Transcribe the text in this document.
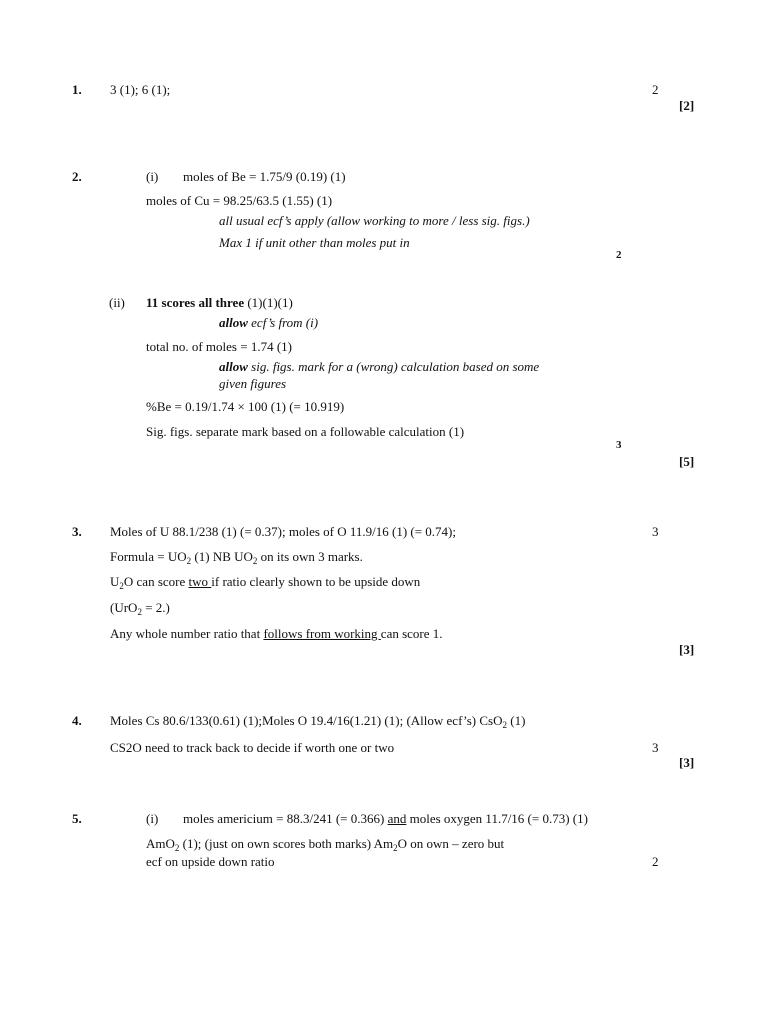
1. 3 (1); 6 (1);	2
[2]
2.	(i) moles of Be = 1.75/9 (0.19) (1)
moles of Cu = 98.25/63.5 (1.55) (1)
all usual ecf’s apply (allow working to more / less sig. figs.)
Max 1 if unit other than moles put in
2
(ii) 11 scores all three (1)(1)(1)
allow ecf’s from (i)
total no. of moles = 1.74 (1)
allow sig. figs. mark for a (wrong) calculation based on some
given figures
%Be = 0.19/1.74 × 100 (1) (= 10.919)
Sig. figs. separate mark based on a followable calculation (1)
3
[5]
3. Moles of U 88.1/238 (1) (= 0.37); moles of O 11.9/16 (1) (= 0.74);	3
Formula = $UO_2$ (1) NB $UO_2$ on its own 3 marks.
$U_2O$ can score two if ratio clearly shown to be upside down
(UrO$_2$ = 2.)
Any whole number ratio that follows from working can score 1.
[3]
4. Moles Cs 80.6/133(0.61) (1);Moles O 19.4/16(1.21) (1); (Allow ecf’s) CsO$_2$ (1)
CS2O need to track back to decide if worth one or two	3
[3]
5.	(i) moles americium = 88.3/241 (= 0.366) and moles oxygen 11.7/16 (= 0.73) (1)
AmO$_2$ (1); (just on own scores both marks) $Am_2O$ on own – zero but
ecf on upside down ratio	2
